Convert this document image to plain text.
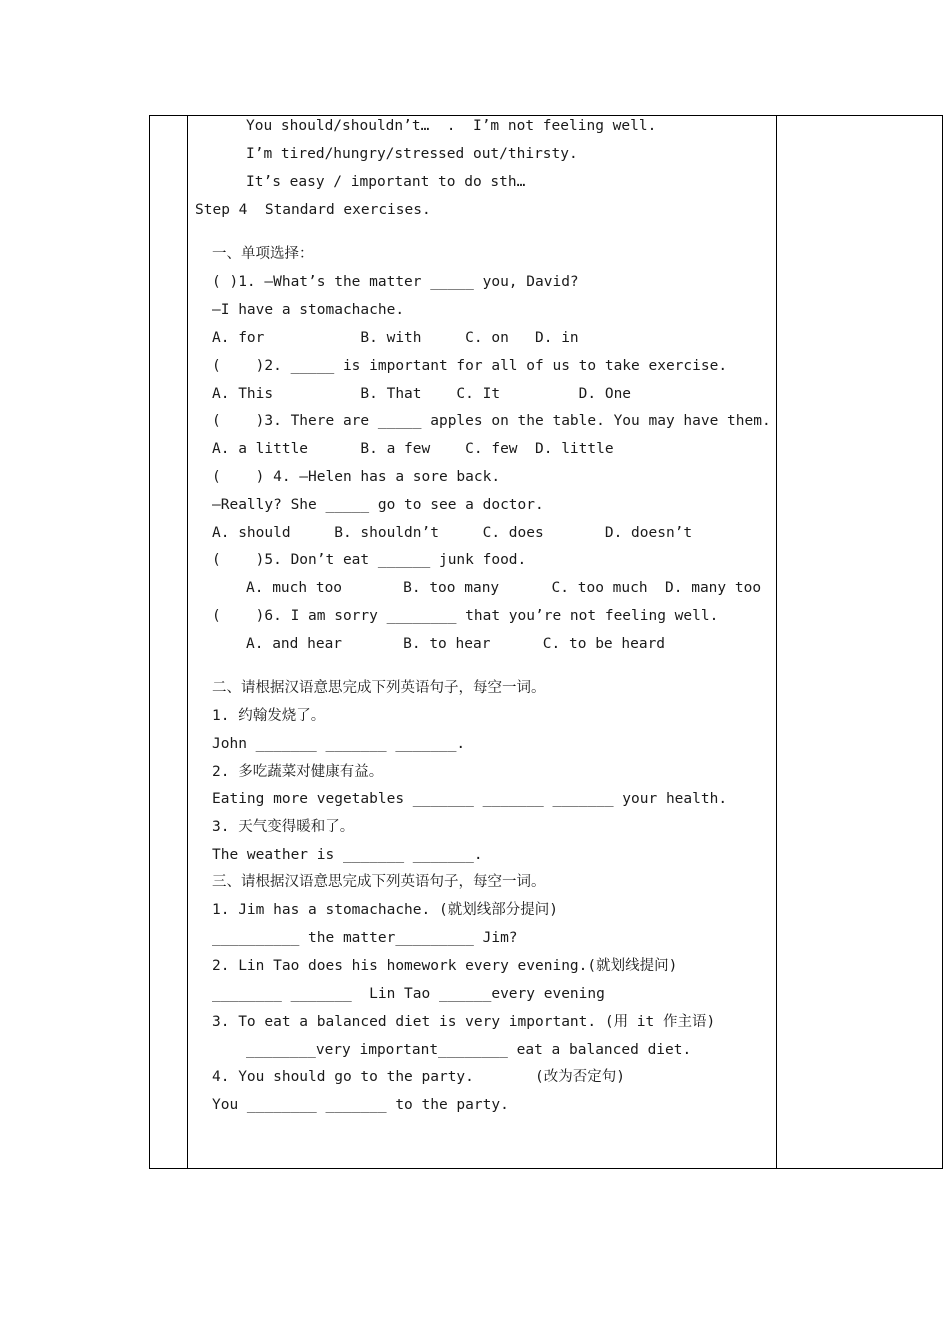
You should/shouldn’t…  .  I’m not feeling well.
I’m tired/hungry/stressed out/thirsty.
It’s easy / important to do sth…
Step 4  Standard exercises.
一、单项选择：
( )1. —What’s the matter _____ you, David?
—I have a stomachache.
A. for           B. with     C. on   D. in
(    )2. _____ is important for all of us to take exercise.
A. This          B. That    C. It         D. One
(    )3. There are _____ apples on the table. You may have them.
A. a little      B. a few    C. few  D. little
(    ) 4. —Helen has a sore back.
—Really? She _____ go to see a doctor.
A. should     B. shouldn’t     C. does       D. doesn’t
(    )5. Don’t eat ______ junk food.
A. much too       B. too many      C. too much  D. many too
(    )6. I am sorry ________ that you’re not feeling well.
A. and hear       B. to hear      C. to be heard
二、请根据汉语意思完成下列英语句子，每空一词。
1. 约翰发烧了。
John _______ _______ _______.
2. 多吃蔬菜对健康有益。
Eating more vegetables _______ _______ _______ your health.
3. 天气变得暖和了。
The weather is _______ _______.
三、请根据汉语意思完成下列英语句子，每空一词。
1. Jim has a stomachache. (就划线部分提问)
__________ the matter_________ Jim?
2. Lin Tao does his homework every evening.(就划线提问)
________ _______  Lin Tao ______every evening
3. To eat a balanced diet is very important. (用 it 作主语)
________very important________ eat a balanced diet.
4. You should go to the party.       (改为否定句)
You ________ _______ to the party.
